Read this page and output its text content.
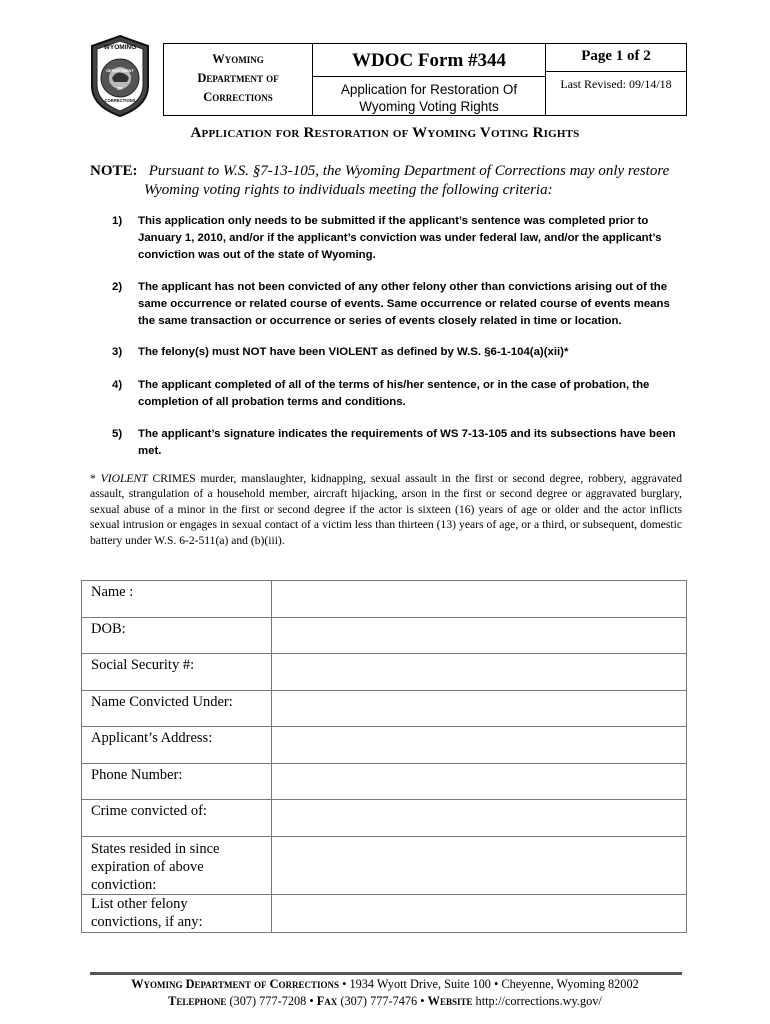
WYOMING
DEPARTMENT
OF
CORRECTIONS
Wyoming
Department of
Corrections

WDOC Form #344
Application for Restoration Of
Wyoming Voting Rights

Page 1 of 2
Last Revised: 09/14/18
Application for Restoration of Wyoming Voting Rights
NOTE: Pursuant to W.S. §7-13-105, the Wyoming Department of Corrections may only restore
Wyoming voting rights to individuals meeting the following criteria:
1) This application only needs to be submitted if the applicant’s sentence was completed prior to
January 1, 2010, and/or if the applicant’s conviction was under federal law, and/or the applicant’s
conviction was out of the state of Wyoming.
2) The applicant has not been convicted of any other felony other than convictions arising out of the
same occurrence or related course of events. Same occurrence or related course of events means
the same transaction or occurrence or series of events closely related in time or location.
3) The felony(s) must NOT have been VIOLENT as defined by W.S. §6-1-104(a)(xii)*
4) The applicant completed of all of the terms of his/her sentence, or in the case of probation, the
completion of all probation terms and conditions.
5) The applicant’s signature indicates the requirements of WS 7-13-105 and its subsections have been
met.
* VIOLENT CRIMES murder, manslaughter, kidnapping, sexual assault in the first or second degree, robbery, aggravated assault, strangulation of a household member, aircraft hijacking, arson in the first or second degree or aggravated burglary, sexual abuse of a minor in the first or second degree if the actor is sixteen (16) years of age or older and the actor inflicts sexual intrusion or engages in sexual contact of a victim less than thirteen (13) years of age, or a third, or subsequent, domestic battery under W.S. 6-2-511(a) and (b)(iii).
Name :	

DOB:	

Social Security #:	

Name Convicted Under:	

Applicant’s Address:	

Phone Number:	

Crime convicted of:	

States resided in since expiration of above conviction:	

List other felony convictions, if any:	

Wyoming Department of Corrections • 1934 Wyott Drive, Suite 100 • Cheyenne, Wyoming 82002
Telephone (307) 777-7208 • Fax (307) 777-7476 • Website http://corrections.wy.gov/
